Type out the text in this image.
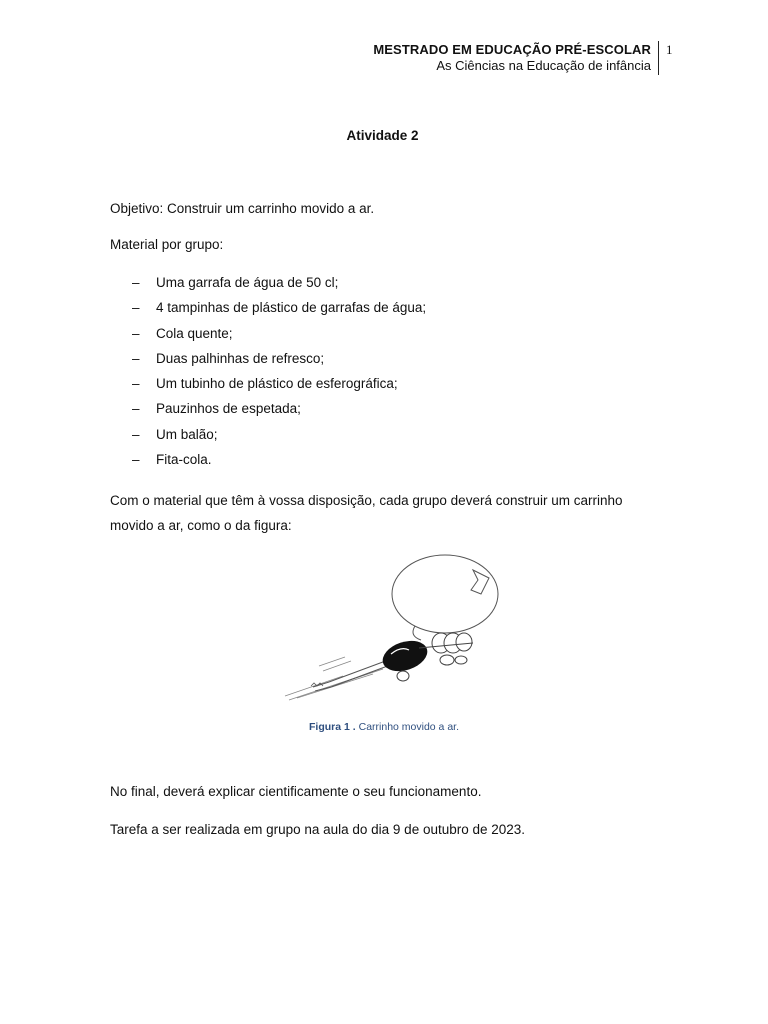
MESTRADO EM EDUCAÇÃO PRÉ-ESCOLAR
As Ciências na Educação de infância
1
Atividade 2

Objetivo: Construir um carrinho movido a ar.

Material por grupo:

–	Uma garrafa de água de 50 cl;
–	4 tampinhas de plástico de garrafas de água;
–	Cola quente;
–	Duas palhinhas de refresco;
–	Um tubinho de plástico de esferográfica;
–	Pauzinhos de espetada;
–	Um balão;
–	Fita-cola.

Com o material que têm à vossa disposição, cada grupo deverá construir um carrinho movido a ar, como o da figura:

No final, deverá explicar cientificamente o seu funcionamento.

Tarefa a ser realizada em grupo na aula do dia 9 de outubro de 2023.

Figura 1 . Carrinho movido a ar.
